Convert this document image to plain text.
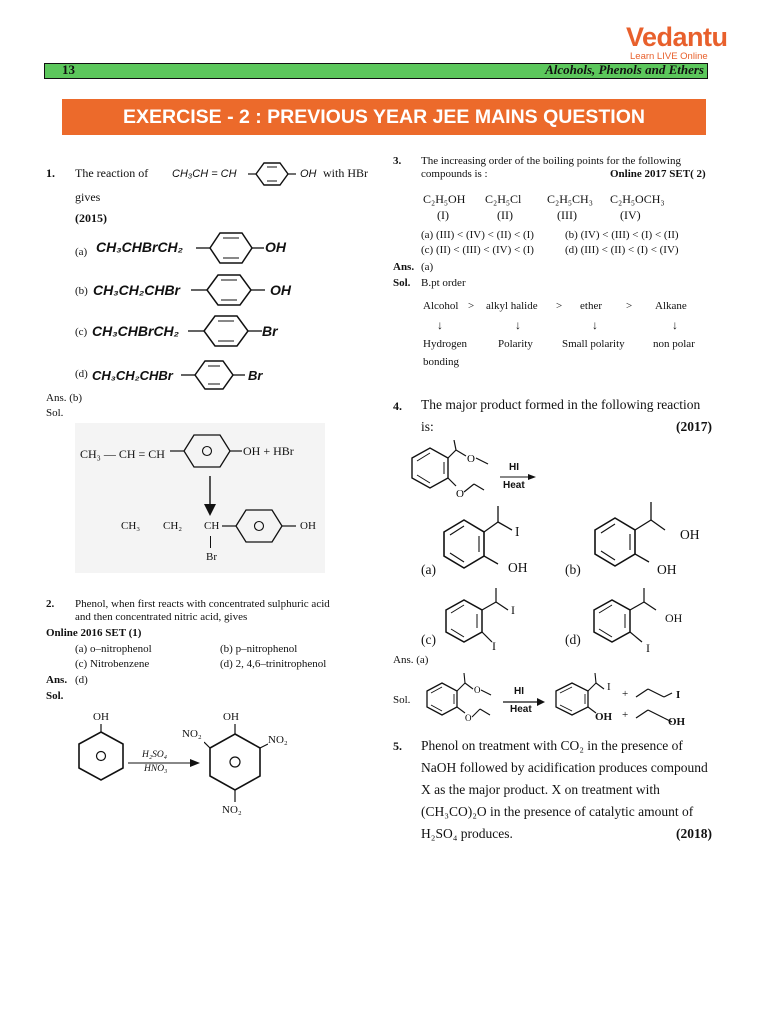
Vedantu
Learn LIVE Online
13	Alcohols, Phenols and Ethers
EXERCISE - 2 : PREVIOUS YEAR JEE MAINS QUESTION
1. The reaction of CH₃CH = CH	OH with HBr
gives
(2015)
(a) CH₃CHBrCH₂	OH
(b) CH₃CH₂CHBr	OH
(c) CH₃CHBrCH₂	Br
(d) CH₃CH₂CHBr	Br
Ans. (b)
Sol.
CH₃ — CH = CH	OH + HBr
CH₃ CH₂ CH
Br
OH
2. Phenol, when first reacts with concentrated sulphuric acid
and then concentrated nitric acid, gives
Online 2016 SET (1)
(a) o–nitrophenol	(b) p–nitrophenol
(c) Nitrobenzene	(d) 2, 4,6–trinitrophenol
Ans. (d)
Sol.
OH
H₂SO₄
HNO₃
OH
NO₂	NO₂
NO₂
3. The increasing order of the boiling points for the following
compounds is :	Online 2017 SET( 2)
C₂H₅OH C₂H₅Cl C₂H₅CH₃ C₂H₅OCH₃
(I)	(II)	(III)	(IV)
(a) (III) < (IV) < (II) < (I)	(b) (IV) < (III) < (I) < (II)
(c) (II) < (III) < (IV) < (I)	(d) (III) < (II) < (I) < (IV)
Ans. (a)
Sol. B.pt order
Alcohol > alkyl halide > ether > Alkane
↓	↓	↓	↓
Hydrogen	Polarity	Small polarity	non polar
bonding
4. The major product formed in the following reaction
is:	(2017)
O
O
HI
Heat
I
OH
(a)
OH
OH
(b)
I
I
(c)
OH
I
(d)
Ans. (a)
Sol.
O
O
HI
Heat
I
OH
+	I
+
OH
5. Phenol on treatment with CO₂ in the presence of
NaOH followed by acidification produces compound
X as the major product. X on treatment with
(CH₃CO)₂O in the presence of catalytic amount of
H₂SO₄ produces.	(2018)
